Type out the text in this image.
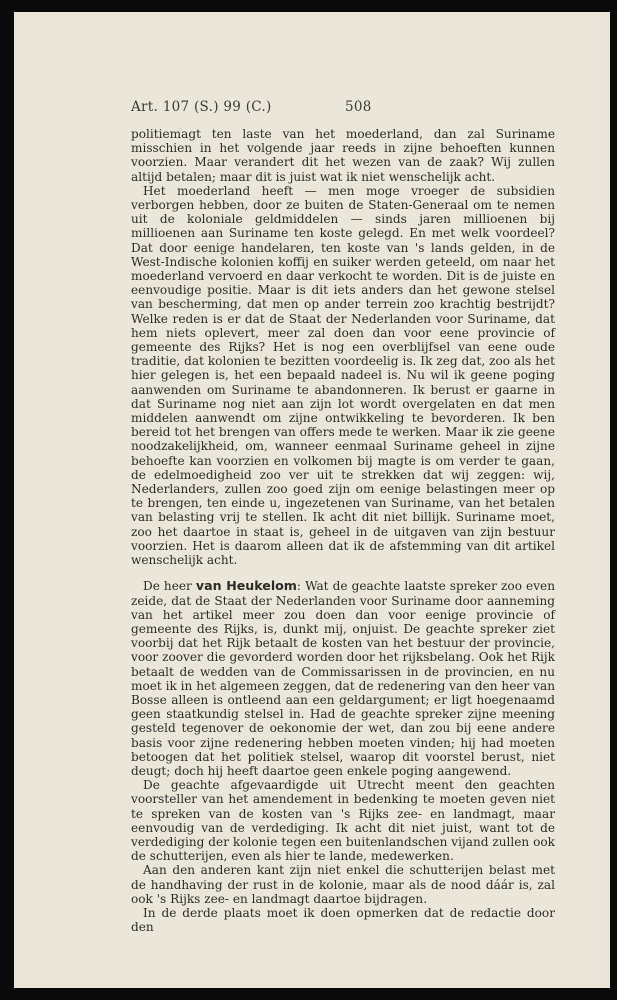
Art. 107 (S.) 99 (C.)	508

politiemagt ten laste van het moederland, dan zal Suriname misschien in het volgende jaar reeds in zijne behoeften kunnen voorzien. Maar verandert dit het wezen van de zaak? Wij zullen altijd betalen; maar dit is juist wat ik niet wenschelijk acht.

Het moederland heeft — men moge vroeger de subsidien verborgen hebben, door ze buiten de Staten-Generaal om te nemen uit de koloniale geldmiddelen — sinds jaren millioenen bij millioenen aan Suriname ten koste gelegd. En met welk voordeel? Dat door eenige handelaren, ten koste van 's lands gelden, in de West-Indische kolonien koffij en suiker werden geteeld, om naar het moederland vervoerd en daar verkocht te worden. Dit is de juiste en eenvoudige positie. Maar is dit iets anders dan het gewone stelsel van bescherming, dat men op ander terrein zoo krachtig bestrijdt? Welke reden is er dat de Staat der Nederlanden voor Suriname, dat hem niets oplevert, meer zal doen dan voor eene provincie of gemeente des Rijks? Het is nog een overblijfsel van eene oude traditie, dat kolonien te bezitten voordeelig is. Ik zeg dat, zoo als het hier gelegen is, het een bepaald nadeel is. Nu wil ik geene poging aanwenden om Suriname te abandonneren. Ik berust er gaarne in dat Suriname nog niet aan zijn lot wordt overgelaten en dat men middelen aanwendt om zijne ontwikkeling te bevorderen. Ik ben bereid tot het brengen van offers mede te werken. Maar ik zie geene noodzakelijkheid, om, wanneer eenmaal Suriname geheel in zijne behoefte kan voorzien en volkomen bij magte is om verder te gaan, de edelmoedigheid zoo ver uit te strekken dat wij zeggen: wij, Nederlanders, zullen zoo goed zijn om eenige belastingen meer op te brengen, ten einde u, ingezetenen van Suriname, van het betalen van belasting vrij te stellen. Ik acht dit niet billijk. Suriname moet, zoo het daartoe in staat is, geheel in de uitgaven van zijn bestuur voorzien. Het is daarom alleen dat ik de afstemming van dit artikel wenschelijk acht.

De heer van Heukelom: Wat de geachte laatste spreker zoo even zeide, dat de Staat der Nederlanden voor Suriname door aanneming van het artikel meer zou doen dan voor eenige provincie of gemeente des Rijks, is, dunkt mij, onjuist. De geachte spreker ziet voorbij dat het Rijk betaalt de kosten van het bestuur der provincie, voor zoover die gevorderd worden door het rijksbelang. Ook het Rijk betaalt de wedden van de Commissarissen in de provincien, en nu moet ik in het algemeen zeggen, dat de redenering van den heer van Bosse alleen is ontleend aan een geldargument; er ligt hoegenaamd geen staatkundig stelsel in. Had de geachte spreker zijne meening gesteld tegenover de oekonomie der wet, dan zou bij eene andere basis voor zijne redenering hebben moeten vinden; hij had moeten betoogen dat het politiek stelsel, waarop dit voorstel berust, niet deugt; doch hij heeft daartoe geen enkele poging aangewend.

De geachte afgevaardigde uit Utrecht meent den geachten voorsteller van het amendement in bedenking te moeten geven niet te spreken van de kosten van 's Rijks zee- en landmagt, maar eenvoudig van de verdediging. Ik acht dit niet juist, want tot de verdediging der kolonie tegen een buitenlandschen vijand zullen ook de schutterijen, even als hier te lande, medewerken.

Aan den anderen kant zijn niet enkel die schutterijen belast met de handhaving der rust in de kolonie, maar als de nood dáár is, zal ook 's Rijks zee- en landmagt daartoe bijdragen.

In de derde plaats moet ik doen opmerken dat de redactie door den
